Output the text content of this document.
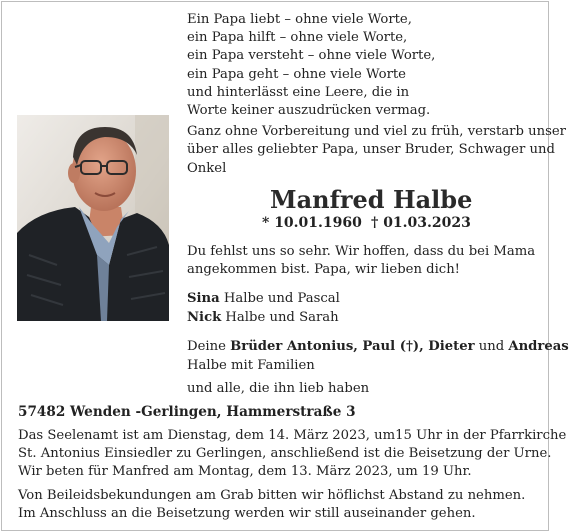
Ein Papa liebt – ohne viele Worte,
ein Papa hilft – ohne viele Worte,
ein Papa versteht – ohne viele Worte,
ein Papa geht – ohne viele Worte
und hinterlässt eine Leere, die in
Worte keiner auszudrücken vermag.
Ganz ohne Vorbereitung und viel zu früh, verstarb unser
über alles geliebter Papa, unser Bruder, Schwager und
Onkel
Manfred Halbe
* 10.01.1960 † 01.03.2023
Du fehlst uns so sehr. Wir hoffen, dass du bei Mama
angekommen bist. Papa, wir lieben dich!
Sina Halbe und Pascal
Nick Halbe und Sarah
Deine Brüder Antonius, Paul (†), Dieter und Andreas
Halbe mit Familien
und alle, die ihn lieb haben
57482 Wenden -Gerlingen, Hammerstraße 3
Das Seelenamt ist am Dienstag, dem 14. März 2023, um15 Uhr in der Pfarrkirche
St. Antonius Einsiedler zu Gerlingen, anschließend ist die Beisetzung der Urne.
Wir beten für Manfred am Montag, dem 13. März 2023, um 19 Uhr.
Von Beileidsbekundungen am Grab bitten wir höflichst Abstand zu nehmen.
Im Anschluss an die Beisetzung werden wir still auseinander gehen.
